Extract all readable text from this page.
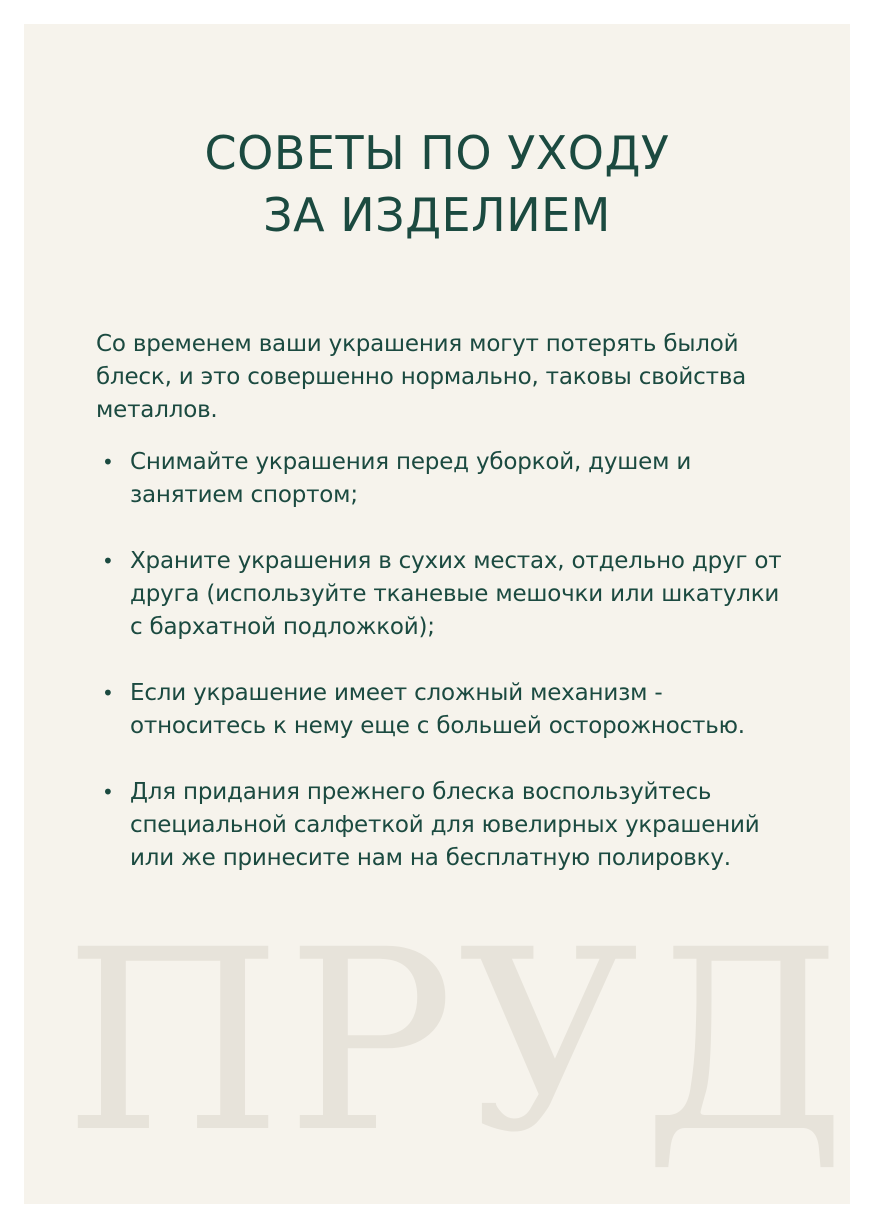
ПРУД
СОВЕТЫ ПО УХОДУ
ЗА ИЗДЕЛИЕМ

Со временем ваши украшения могут потерять былой блеск, и это совершенно нормально, таковы свойства металлов.

• Снимайте украшения перед уборкой, душем и занятием спортом;
• Храните украшения в сухих местах, отдельно друг от друга (используйте тканевые мешочки или шкатулки с бархатной подложкой);
• Если украшение имеет сложный механизм - относитесь к нему еще с большей осторожностью.
• Для придания прежнего блеска воспользуйтесь специальной салфеткой для ювелирных украшений или же принесите нам на бесплатную полировку.
